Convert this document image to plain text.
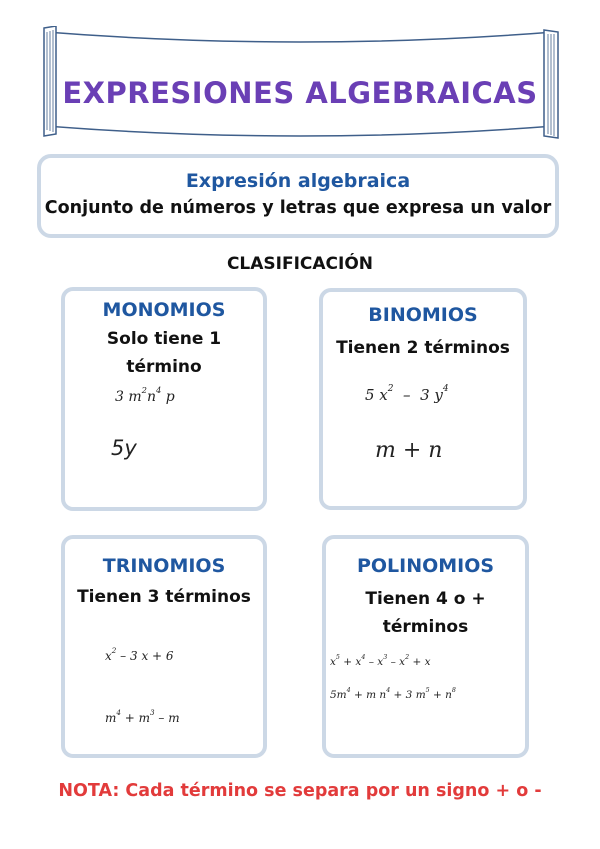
EXPRESIONES ALGEBRAICAS
Expresión algebraica
Conjunto de números y letras que expresa un valor
CLASIFICACIÓN
MONOMIOS
Solo tiene 1
término
3 $m^2n^4$ p
5y
BINOMIOS
Tienen 2 términos
5 $x^2 - 3$ $y^4$
m + n
TRINOMIOS
Tienen 3 términos
$x^2 - 3$ x + 6
$m^4 + m^3 - m$
POLINOMIOS
Tienen 4 o +
términos
$x^5 + x^4 - x^3 - x^2 + x$
$5m^4 + m$ $n^4 + 3$ $m^5 + n^8$
NOTA: Cada término se separa por un signo + o -
